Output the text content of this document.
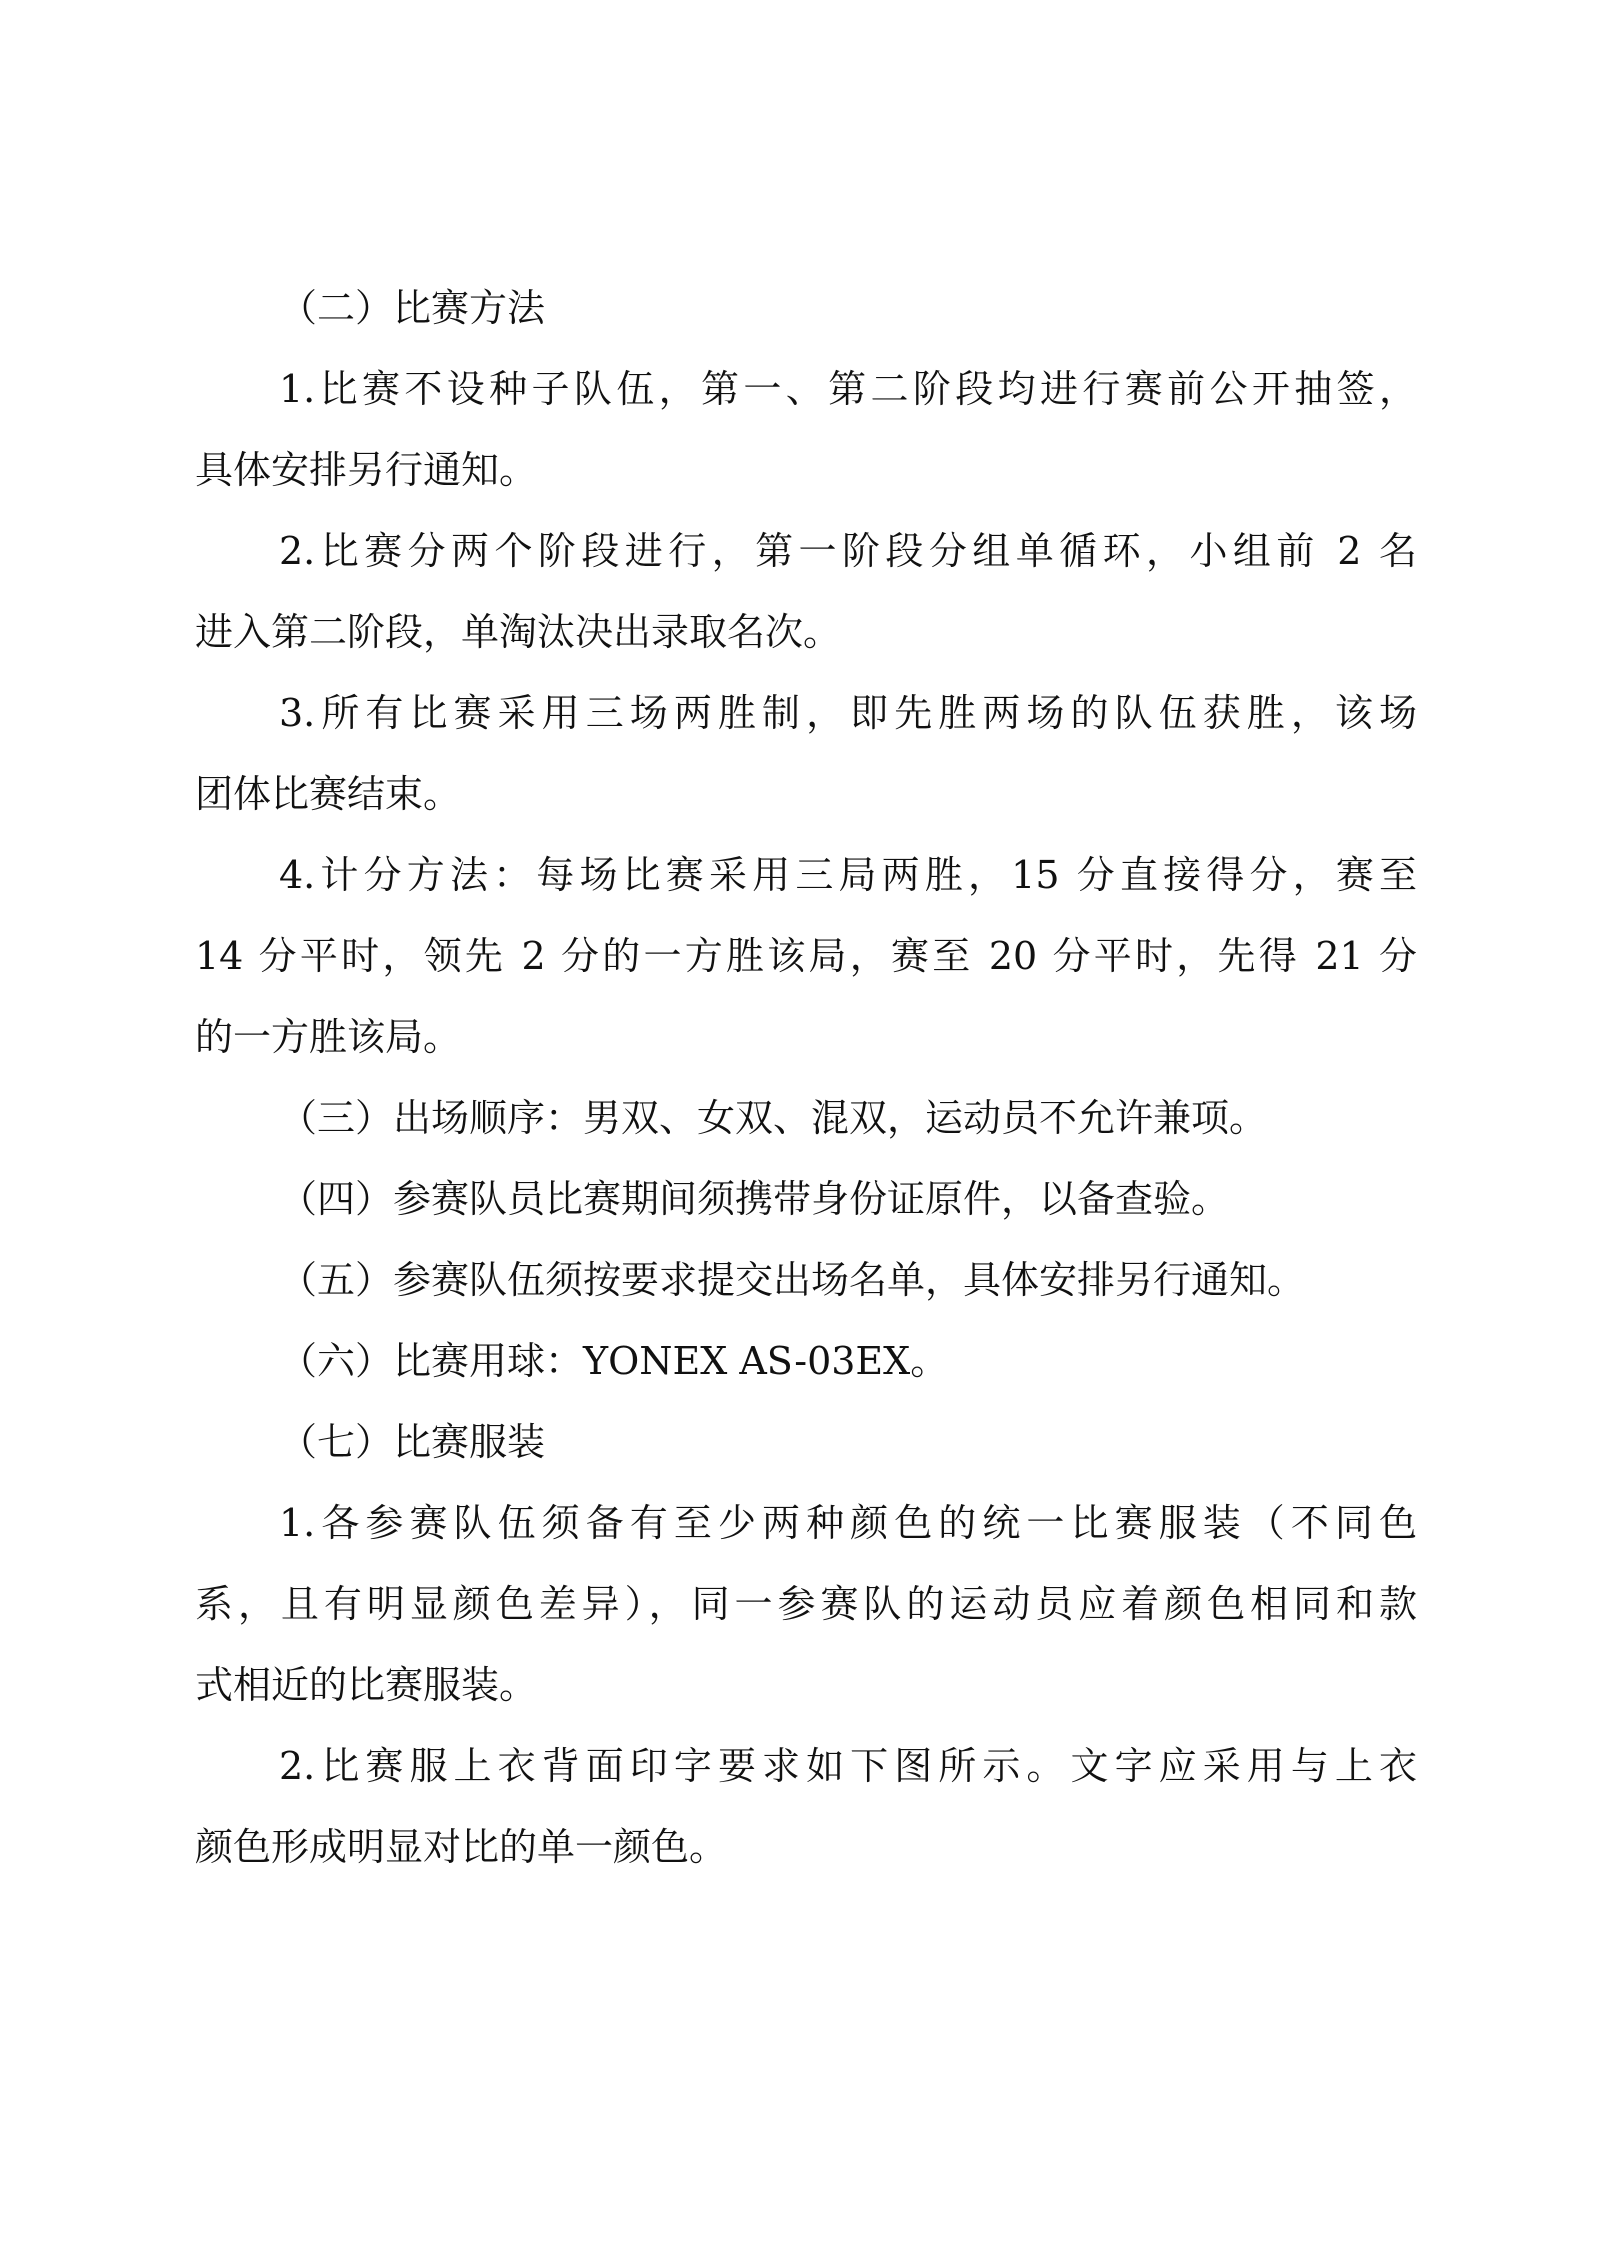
（二）比赛方法
1.比赛不设种子队伍，第一、第二阶段均进行赛前公开抽签，
具体安排另行通知。
2.比赛分两个阶段进行，第一阶段分组单循环，小组前 2 名
进入第二阶段，单淘汰决出录取名次。
3.所有比赛采用三场两胜制，即先胜两场的队伍获胜，该场
团体比赛结束。
4.计分方法：每场比赛采用三局两胜，15 分直接得分，赛至
14 分平时，领先 2 分的一方胜该局，赛至 20 分平时，先得 21 分
的一方胜该局。
（三）出场顺序：男双、女双、混双，运动员不允许兼项。
（四）参赛队员比赛期间须携带身份证原件，以备查验。
（五）参赛队伍须按要求提交出场名单，具体安排另行通知。
（六）比赛用球：YONEX AS-03EX。
（七）比赛服装
1.各参赛队伍须备有至少两种颜色的统一比赛服装（不同色
系，且有明显颜色差异），同一参赛队的运动员应着颜色相同和款
式相近的比赛服装。
2.比赛服上衣背面印字要求如下图所示。文字应采用与上衣
颜色形成明显对比的单一颜色。
